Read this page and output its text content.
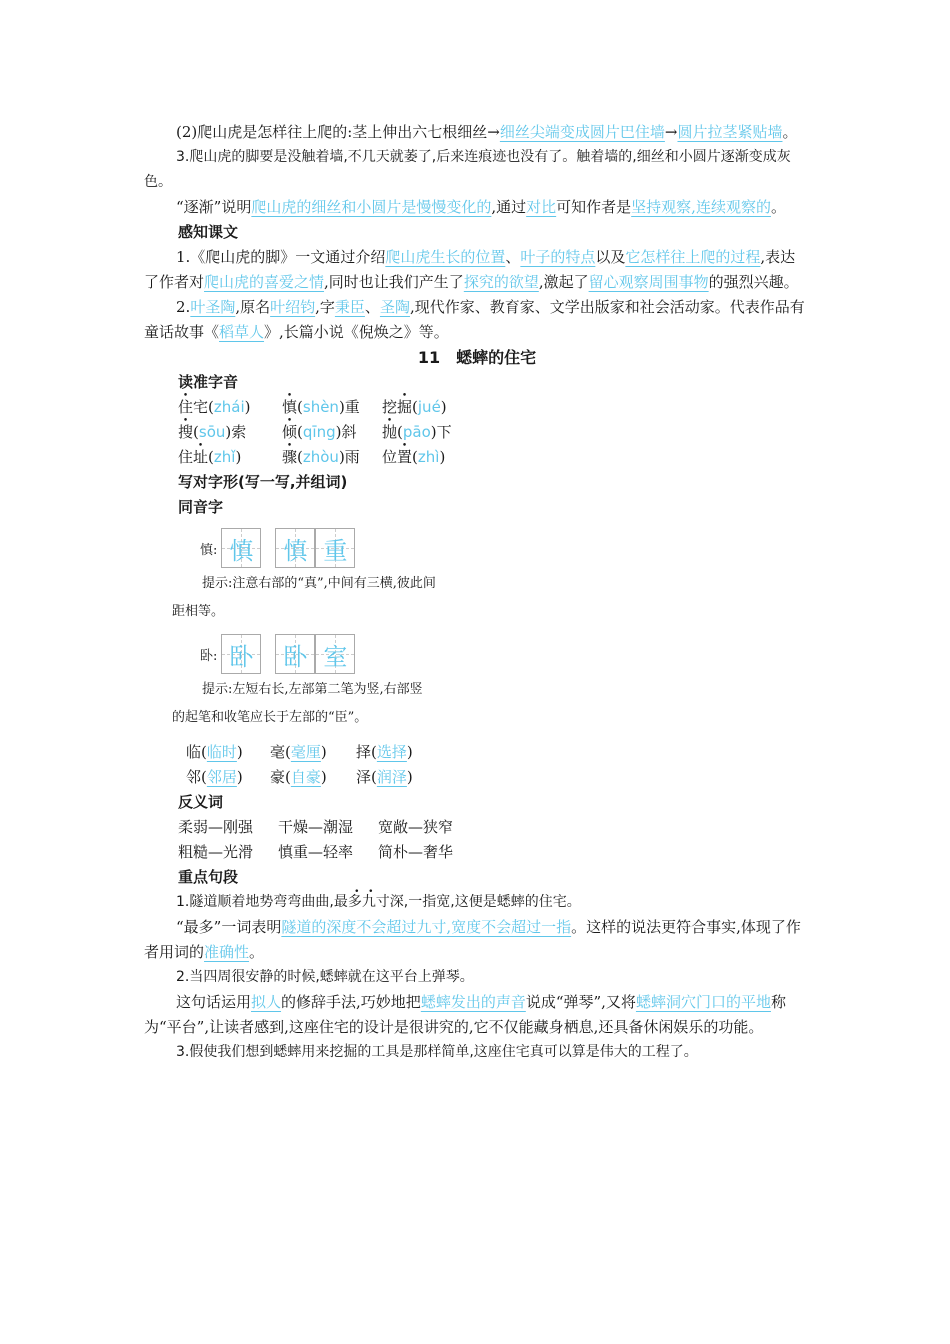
(2)爬山虎是怎样往上爬的:茎上伸出六七根细丝→细丝尖端变成圆片巴住墙→圆片拉茎紧贴墙。

3.爬山虎的脚要是没触着墙,不几天就萎了,后来连痕迹也没有了。触着墙的,细丝和小圆片逐渐变成灰色。

“逐渐”说明爬山虎的细丝和小圆片是慢慢变化的,通过对比可知作者是坚持观察,连续观察的。

感知课文

1.《爬山虎的脚》一文通过介绍爬山虎生长的位置、叶子的特点以及它怎样往上爬的过程,表达了作者对爬山虎的喜爱之情,同时也让我们产生了探究的欲望,激起了留心观察周围事物的强烈兴趣。

2.叶圣陶,原名叶绍钧,字秉臣、圣陶,现代作家、教育家、文学出版家和社会活动家。代表作品有童话故事《稻草人》,长篇小说《倪焕之》等。

11　蟋蟀的住宅
读准字音
住宅(zhái)	慎(shèn)重	挖掘(jué)
搜(sōu)索	倾(qīng)斜	抛(pāo)下
住址(zhǐ)	骤(zhòu)雨	位置(zhì)
写对字形(写一写,并组词)
同音字
慎: 慎 慎 重

提示:注意右部的“真”,中间有三横,彼此间

距相等。

卧: 卧 卧 室

提示:左短右长,左部第二笔为竖,右部竖

的起笔和收笔应长于左部的“臣”。

临(临时)	毫(毫厘)	择(选择)
邻(邻居)	豪(自豪)	泽(润泽)
反义词
柔弱—刚强	干燥—潮湿	宽敞—狭窄
粗糙—光滑	慎重—轻率	简朴—奢华
重点句段

1.隧道顺着地势弯弯曲曲,最多九寸深,一指宽,这便是蟋蟀的住宅。

“最多”一词表明隧道的深度不会超过九寸,宽度不会超过一指。这样的说法更符合事实,体现了作者用词的准确性。

2.当四周很安静的时候,蟋蟀就在这平台上弹琴。

这句话运用拟人的修辞手法,巧妙地把蟋蟀发出的声音说成“弹琴”,又将蟋蟀洞穴门口的平地称为“平台”,让读者感到,这座住宅的设计是很讲究的,它不仅能藏身栖息,还具备休闲娱乐的功能。

3.假使我们想到蟋蟀用来挖掘的工具是那样简单,这座住宅真可以算是伟大的工程了。
